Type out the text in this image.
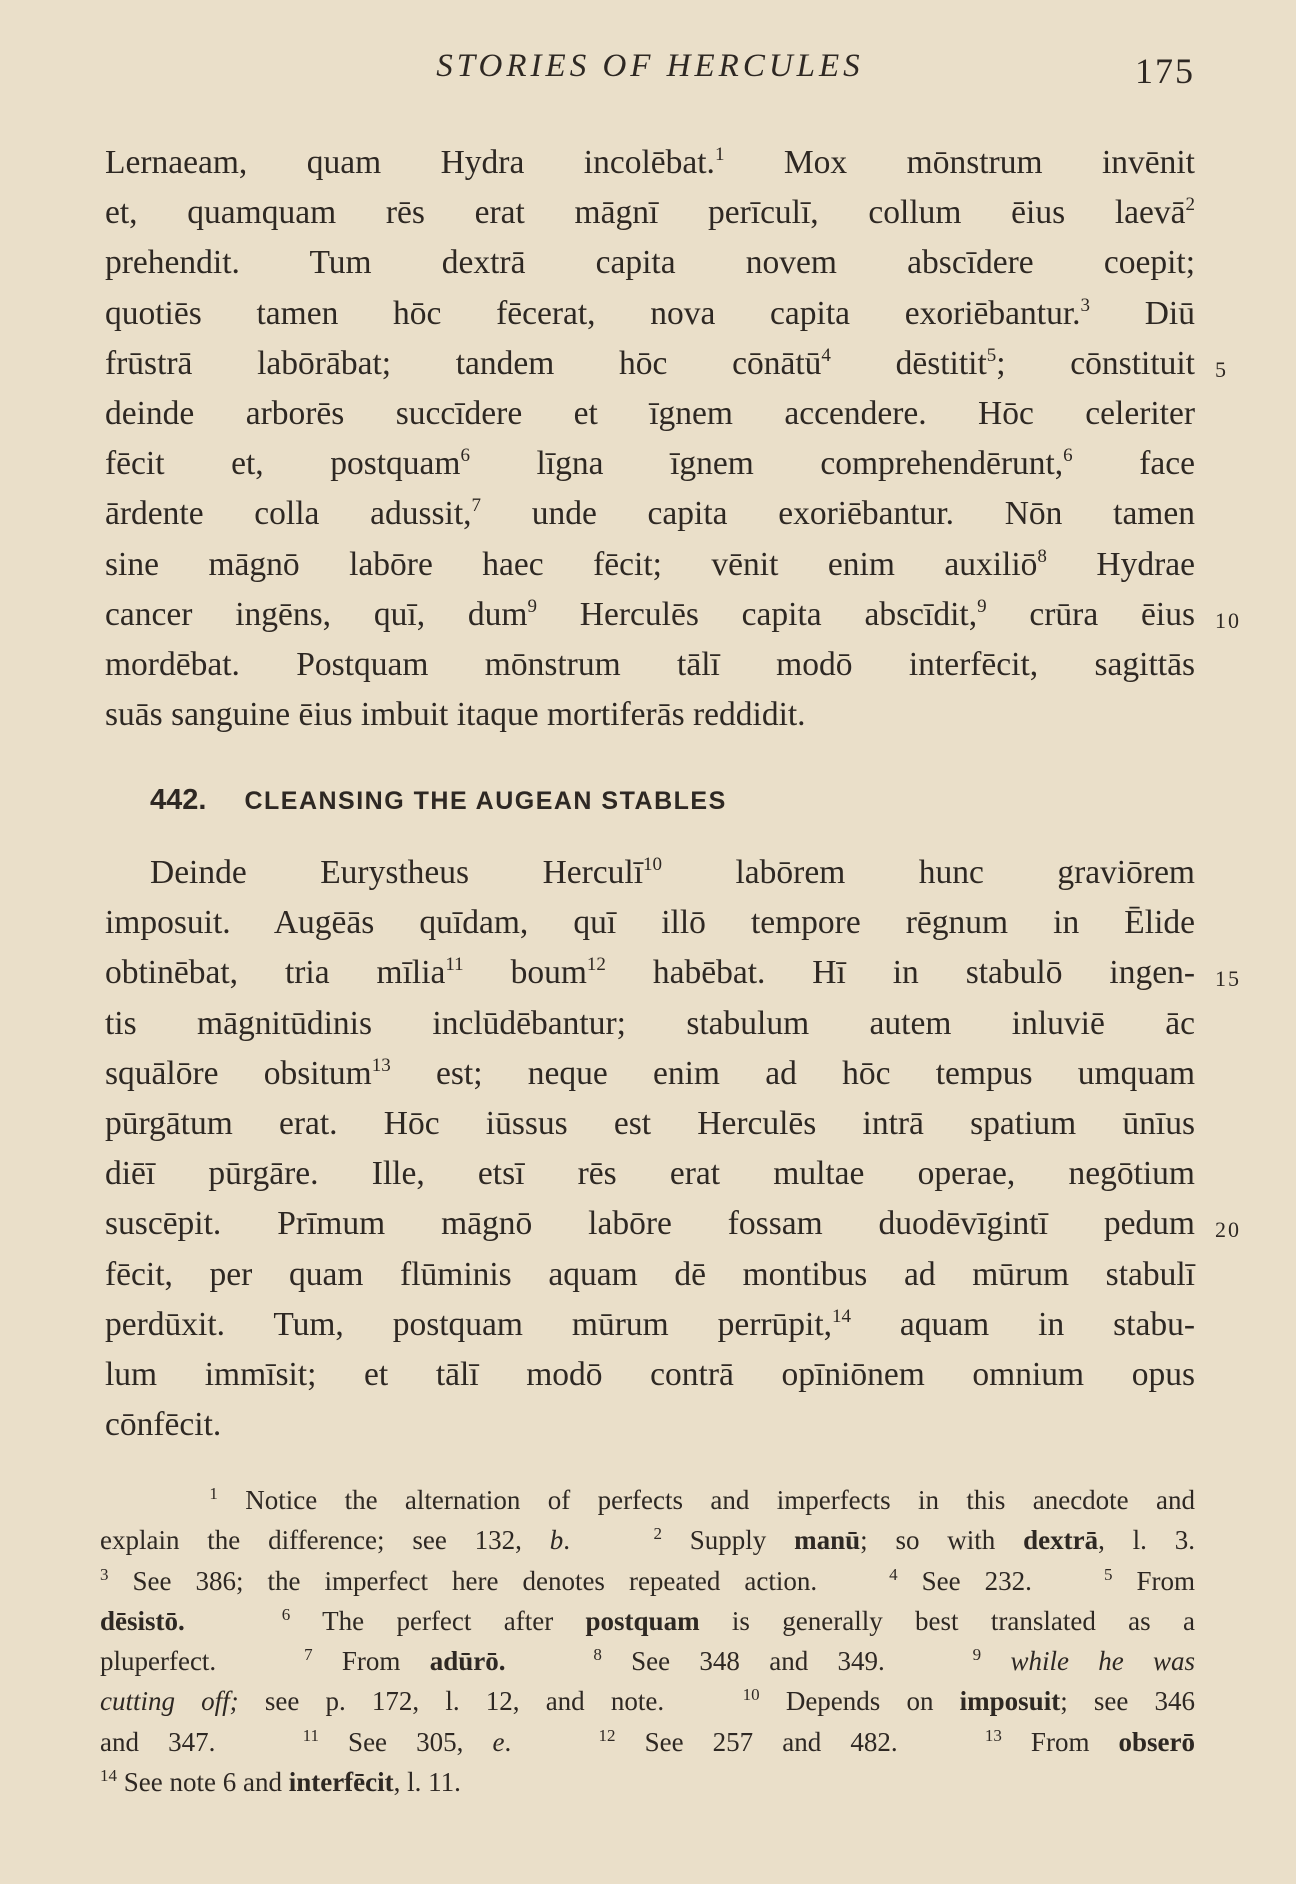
STORIES OF HERCULES	175
Lernaeam, quam Hydra incolēbat.$^1$ Mox mōnstrum invēnit
et, quamquam rēs erat māgnī perīculī, collum ēius laevā$^2$
prehendit. Tum dextrā capita novem abscīdere coepit;
quotiēs tamen hōc fēcerat, nova capita exoriēbantur.$^3$ Diū
frūstrā labōrābat; tandem hōc cōnātū$^4$ dēstitit$^5$; cōnstituit 5
deinde arborēs succīdere et īgnem accendere. Hōc celeriter
fēcit et, postquam$^6$ līgna īgnem comprehendērunt,$^6$ face
ārdente colla adussit,$^7$ unde capita exoriēbantur. Nōn tamen
sine māgnō labōre haec fēcit; vēnit enim auxiliō$^8$ Hydrae
cancer ingēns, quī, dum$^9$ Herculēs capita abscīdit,$^9$ crūra ēius 10
mordēbat. Postquam mōnstrum tālī modō interfēcit, sagittās
suās sanguine ēius imbuit itaque mortiferās reddidit.
442. CLEANSING THE AUGEAN STABLES
Deinde Eurystheus Herculī$^{10}$ labōrem hunc graviōrem
imposuit. Augēās quīdam, quī illō tempore rēgnum in Ēlide
obtinēbat, tria mīlia$^{11}$ boum$^{12}$ habēbat. Hī in stabulō ingen- 15
tis māgnitūdinis inclūdēbantur; stabulum autem inluviē āc
squālōre obsitum$^{13}$ est; neque enim ad hōc tempus umquam
pūrgātum erat. Hōc iūssus est Herculēs intrā spatium ūnīus
diēī pūrgāre. Ille, etsī rēs erat multae operae, negōtium
suscēpit. Prīmum māgnō labōre fossam duodēvīgintī pedum 20
fēcit, per quam flūminis aquam dē montibus ad mūrum stabulī
perdūxit. Tum, postquam mūrum perrūpit,$^{14}$ aquam in stabu-
lum immīsit; et tālī modō contrā opīniōnem omnium opus
cōnfēcit.
$^1$ Notice the alternation of perfects and imperfects in this anecdote and
explain the difference; see 132, b.   $^2$ Supply manū; so with dextrā, l. 3.
$^3$ See 386; the imperfect here denotes repeated action.   $^4$ See 232.   $^5$ From
dēsistō.	$^6$ The perfect after postquam is generally best translated as a
pluperfect.   $^7$ From adūrō.	$^8$ See 348 and 349.   $^9$ while he was
cutting off; see p. 172, l. 12, and note.   $^{10}$ Depends on imposuit; see 346
and 347.   $^{11}$ See 305, e.   $^{12}$ See 257 and 482.   $^{13}$ From obserō
$^{14}$ See note 6 and interfēcit, l. 11.
